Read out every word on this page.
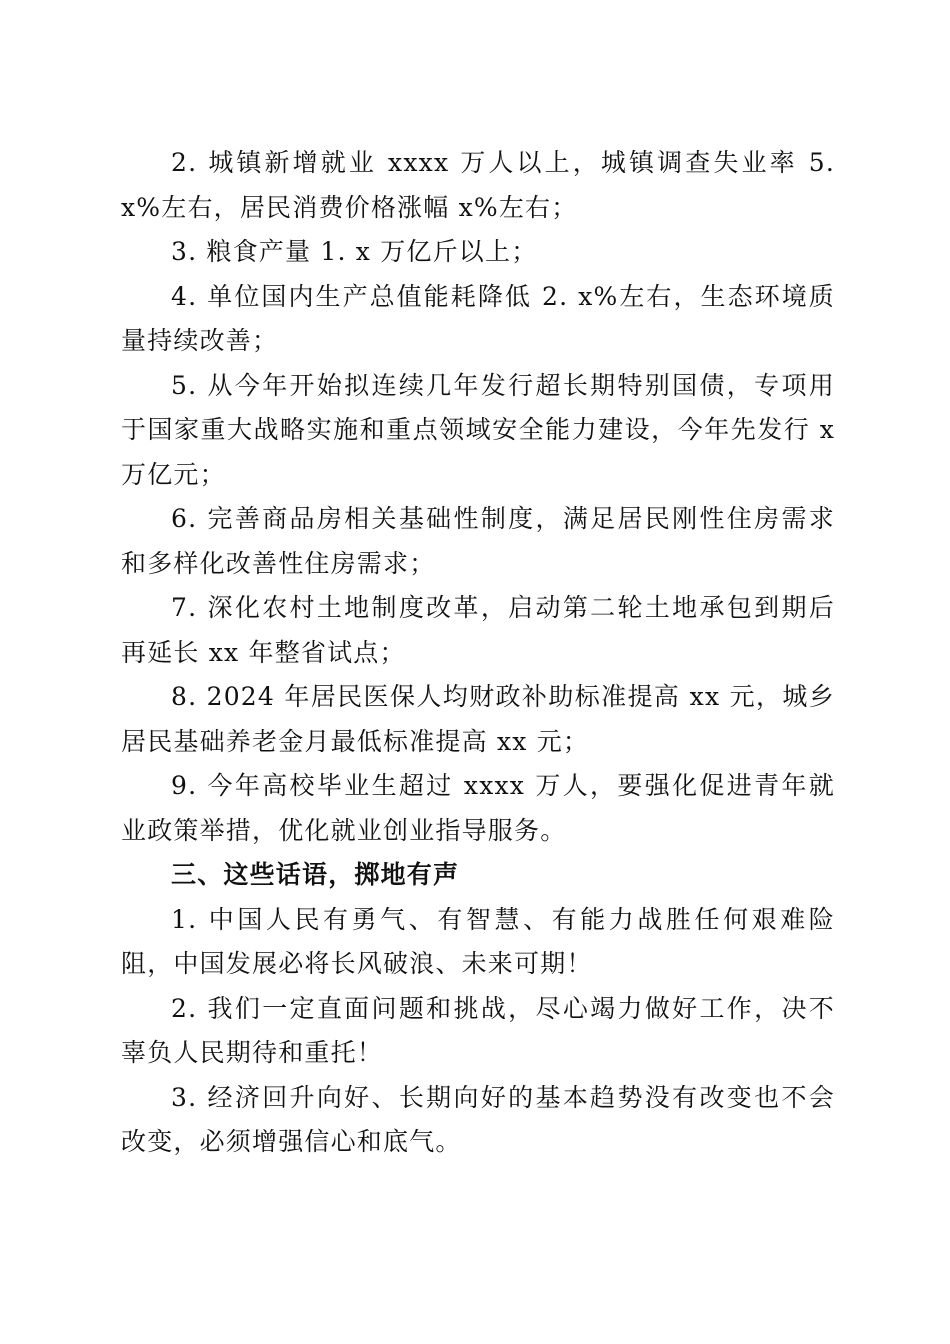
2. 城镇新增就业 xxxx 万人以上，城镇调查失业率 5. x%左右，居民消费价格涨幅 x%左右；

3. 粮食产量 1. x 万亿斤以上；

4. 单位国内生产总值能耗降低 2. x%左右，生态环境质量持续改善；

5. 从今年开始拟连续几年发行超长期特别国债，专项用于国家重大战略实施和重点领域安全能力建设，今年先发行 x 万亿元；

6. 完善商品房相关基础性制度，满足居民刚性住房需求和多样化改善性住房需求；

7. 深化农村土地制度改革，启动第二轮土地承包到期后再延长 xx 年整省试点；

8. 2024 年居民医保人均财政补助标准提高 xx 元，城乡居民基础养老金月最低标准提高 xx 元；

9. 今年高校毕业生超过 xxxx 万人，要强化促进青年就业政策举措，优化就业创业指导服务。

三、这些话语，掷地有声

1. 中国人民有勇气、有智慧、有能力战胜任何艰难险阻，中国发展必将长风破浪、未来可期！

2. 我们一定直面问题和挑战，尽心竭力做好工作，决不辜负人民期待和重托！

3. 经济回升向好、长期向好的基本趋势没有改变也不会改变，必须增强信心和底气。
